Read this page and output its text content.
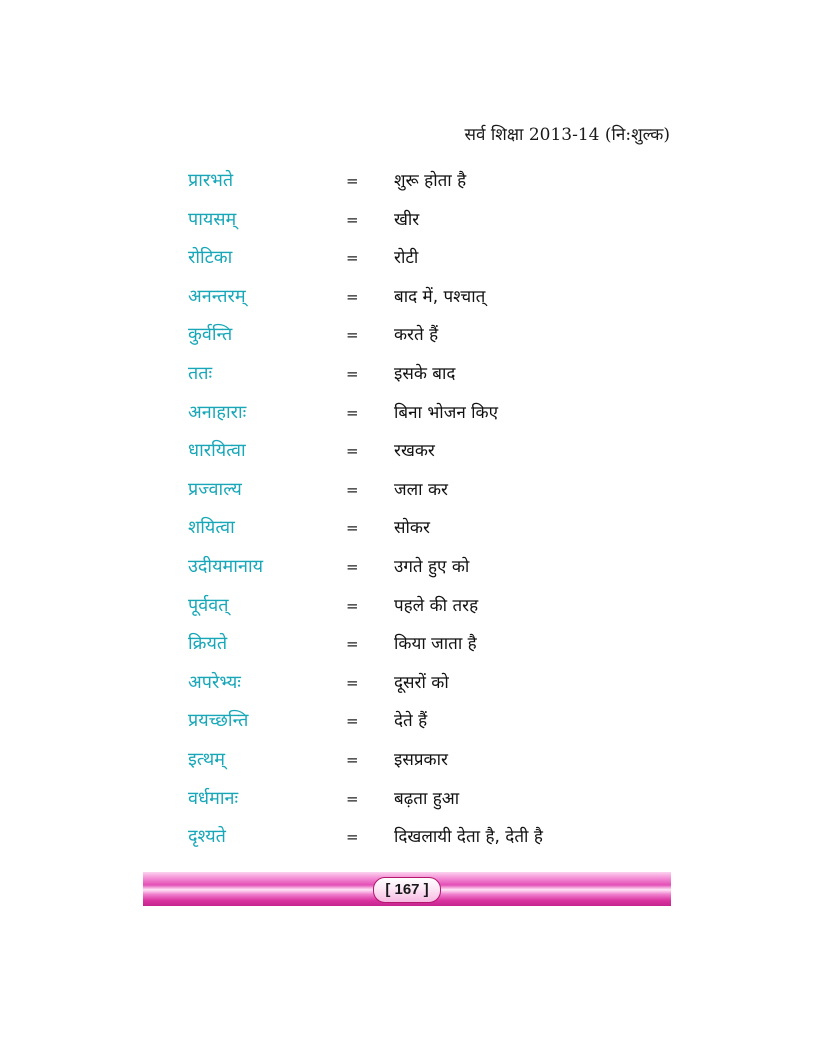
सर्व शिक्षा 2013-14 (नि:शुल्क)
प्रारभते	= शुरू होता है
पायसम्	= खीर
रोटिका	= रोटी
अनन्तरम्	= बाद में, पश्चात्
कुर्वन्ति	= करते हैं
ततः	= इसके बाद
अनाहाराः	= बिना भोजन किए
धारयित्वा	= रखकर
प्रज्वाल्य	= जला कर
शयित्वा	= सोकर
उदीयमानाय	= उगते हुए को
पूर्ववत्	= पहले की तरह
क्रियते	= किया जाता है
अपरेभ्यः	= दूसरों को
प्रयच्छन्ति	= देते हैं
इत्थम्	= इसप्रकार
वर्धमानः	= बढ़ता हुआ
दृश्यते	= दिखलायी देता है, देती है
[ 167 ]
